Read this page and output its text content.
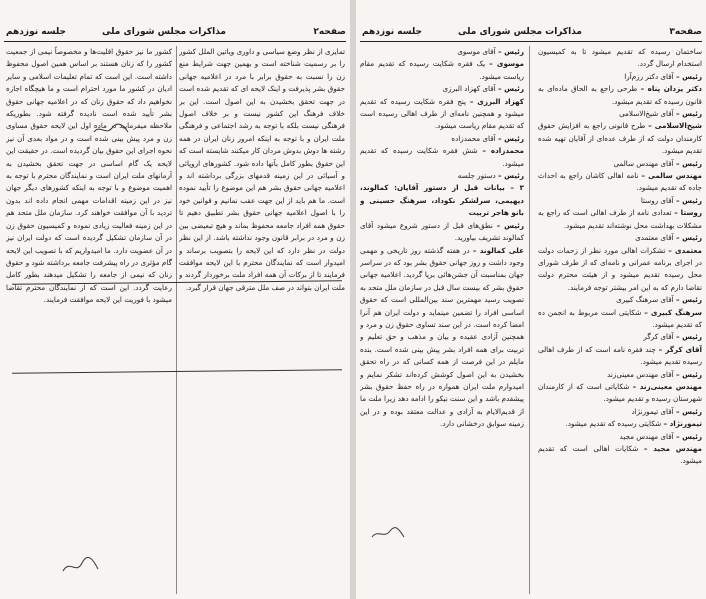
صفحه۲
مذاکرات مجلس شورای ملی
جلسه نوزدهم

تمایزی از نظر وضع سیاسی و داوری ویاتین الملل کشور را بر رسمیت شناخته است و بهمین جهت شرایط منع زن را نسبت به حقوق برابر با مرد در اعلامیه جهانی حقوق بشر پذیرفت و اینک لایحه ای که تقدیم شده است در جهت تحقق بخشیدن به این اصول است. این بر خلاف فرهنگ این کشور نیست و بر خلاف اصول فرهنگی نیست بلکه با توجه به رشد اجتماعی و فرهنگی ملت ایران و با توجه به اینکه امروز زنان ایران در همه رشته ها دوش بدوش مردان کار میکنند شایسته است که این حقوق بطور کامل بآنها داده شود. کشورهای اروپائی و آسیائی در این زمینه قدمهای بزرگی برداشته اند و اعلامیه جهانی حقوق بشر هم این موضوع را تأیید نموده است. ما هم باید از این جهت عقب نمانیم و قوانین خود را با اصول اعلامیه جهانی حقوق بشر تطبیق دهیم تا حقوق همه افراد جامعه محفوظ بماند و هیچ تبعیضی بین زن و مرد در برابر قانون وجود نداشته باشد. از این نظر دولت در نظر دارد که این لایحه را بتصویب برساند و امیدوار است که نمایندگان محترم با این لایحه موافقت فرمایند تا از برکات آن همه افراد ملت برخوردار گردند و ملت ایران بتواند در صف ملل مترقی جهان قرار گیرد.

کشور ما نیز حقوق اقلیت‌ها و مخصوصاً نیمی از جمعیت کشور را که زنان هستند بر اساس همین اصول محفوظ داشته است. این است که تمام تعلیمات اسلامی و سایر ادیان در کشور ما مورد احترام است و ما هیچگاه اجازه نخواهیم داد که حقوق زنان که در اعلامیه جهانی حقوق بشر تأیید شده است نادیده گرفته شود. بطوریکه ملاحظه میفرمایید در ماده اول این لایحه حقوق مساوی زن و مرد پیش بینی شده است و در مواد بعدی آن نیز نحوه اجرای این حقوق بیان گردیده است. در حقیقت این لایحه یک گام اساسی در جهت تحقق بخشیدن به آرمانهای ملت ایران است و نمایندگان محترم با توجه به اهمیت موضوع و با توجه به اینکه کشورهای دیگر جهان نیز در این زمینه اقدامات مهمی انجام داده اند بدون تردید با آن موافقت خواهند کرد. سازمان ملل متحد هم در این زمینه فعالیت زیادی نموده و کمیسیون حقوق زن در آن سازمان تشکیل گردیده است که دولت ایران نیز در آن عضویت دارد. ما امیدواریم که با تصویب این لایحه گام مؤثری در راه پیشرفت جامعه برداشته شود و حقوق زنان که نیمی از جامعه را تشکیل میدهند بطور کامل رعایت گردد. این است که از نمایندگان محترم تقاضا میشود با فوریت این لایحه موافقت فرمایند.

صفحه۳
مذاکرات مجلس شورای ملی
جلسه نوزدهم

ساختمان رسیده که تقدیم میشود تا به کمیسیون استخدام ارسال گردد.

رئیس – آقای دکتر رزم‌آرا

دکتر یزدان پناه – طرحی راجع به الحاق ماده‌ای به قانون رسیده که تقدیم میشود.

رئیس – آقای شیخ‌الاسلامی

شیخ‌الاسلامی – طرح قانونی راجع به افزایش حقوق کارمندان دولت که از طرف عده‌ای از آقایان تهیه شده تقدیم میشود.

رئیس – آقای مهندس سالمی

مهندس سالمی – نامه اهالی کاشان راجع به احداث جاده که تقدیم میشود.

رئیس – آقای روستا

روستا – تعدادی نامه از طرف اهالی است که راجع به مشکلات بهداشت محل نوشته‌اند تقدیم میشود.

رئیس – آقای معتمدی

معتمدی – تشکرات اهالی مورد نظر از زحمات دولت در اجرای برنامه عمرانی و نامه‌ای که از طرف شورای محل رسیده تقدیم میشود و از هیئت محترم دولت تقاضا دارم که به این امر بیشتر توجه فرمایند.

رئیس – آقای سرهنگ کبیری

سرهنگ کبیری – شکایتی است مربوط به انجمن ده که تقدیم میشود.

رئیس – آقای کرگر

آقای کرگر – چند فقره نامه است که از طرف اهالی رسیده تقدیم میشود.

رئیس – آقای مهندس معینی‌زند

مهندس معینی‌زند – شکایاتی است که از کارمندان شهرستان رسیده و تقدیم میشود.

رئیس – آقای تیمورنژاد

تیمورنژاد – شکایتی رسیده که تقدیم میشود.

رئیس – آقای مهندس مجید

مهندس مجید – شکایات اهالی است که تقدیم میشود.

رئیس – آقای موسوی

موسوی – یک فقره شکایت رسیده که تقدیم مقام ریاست میشود.

رئیس – آقای کهزاد البرزی

کهزاد البرزی – پنج فقره شکایت رسیده که تقدیم میشود و همچنین نامه‌ای از طرف اهالی رسیده است که تقدیم مقام ریاست میشود.

رئیس – آقای محمدزاده

محمدزاده – شش فقره شکایت رسیده که تقدیم میشود.

رئیس – دستور جلسه

۳ – بیانات قبل از دستور آقایان: کمالوند، دیهیمی، سرلشکر نکوداد، سرهنگ حسینی و بانو هاجر تربیت

رئیس – نطق‌های قبل از دستور شروع میشود آقای کمالوند تشریف بیاورید.

علی کمالوند – در هفته گذشته روز تاریخی و مهمی وجود داشت و روز جهانی حقوق بشر بود که در سراسر جهان بمناسبت آن جشن‌هائی برپا گردید. اعلامیه جهانی حقوق بشر که بیست سال قبل در سازمان ملل متحد به تصویب رسید مهمترین سند بین‌المللی است که حقوق اساسی افراد را تضمین مینماید و دولت ایران هم آنرا امضا کرده است. در این سند تساوی حقوق زن و مرد و همچنین آزادی عقیده و بیان و مذهب و حق تعلیم و تربیت برای همه افراد بشر پیش بینی شده است. بنده مایلم در این فرصت از همه کسانی که در راه تحقق بخشیدن به این اصول کوشش کرده‌اند تشکر نمایم و امیدوارم ملت ایران همواره در راه حفظ حقوق بشر پیشقدم باشد و این سنت نیکو را ادامه دهد زیرا ملت ما از قدیم‌الایام به آزادی و عدالت معتقد بوده و در این زمینه سوابق درخشانی دارد.
